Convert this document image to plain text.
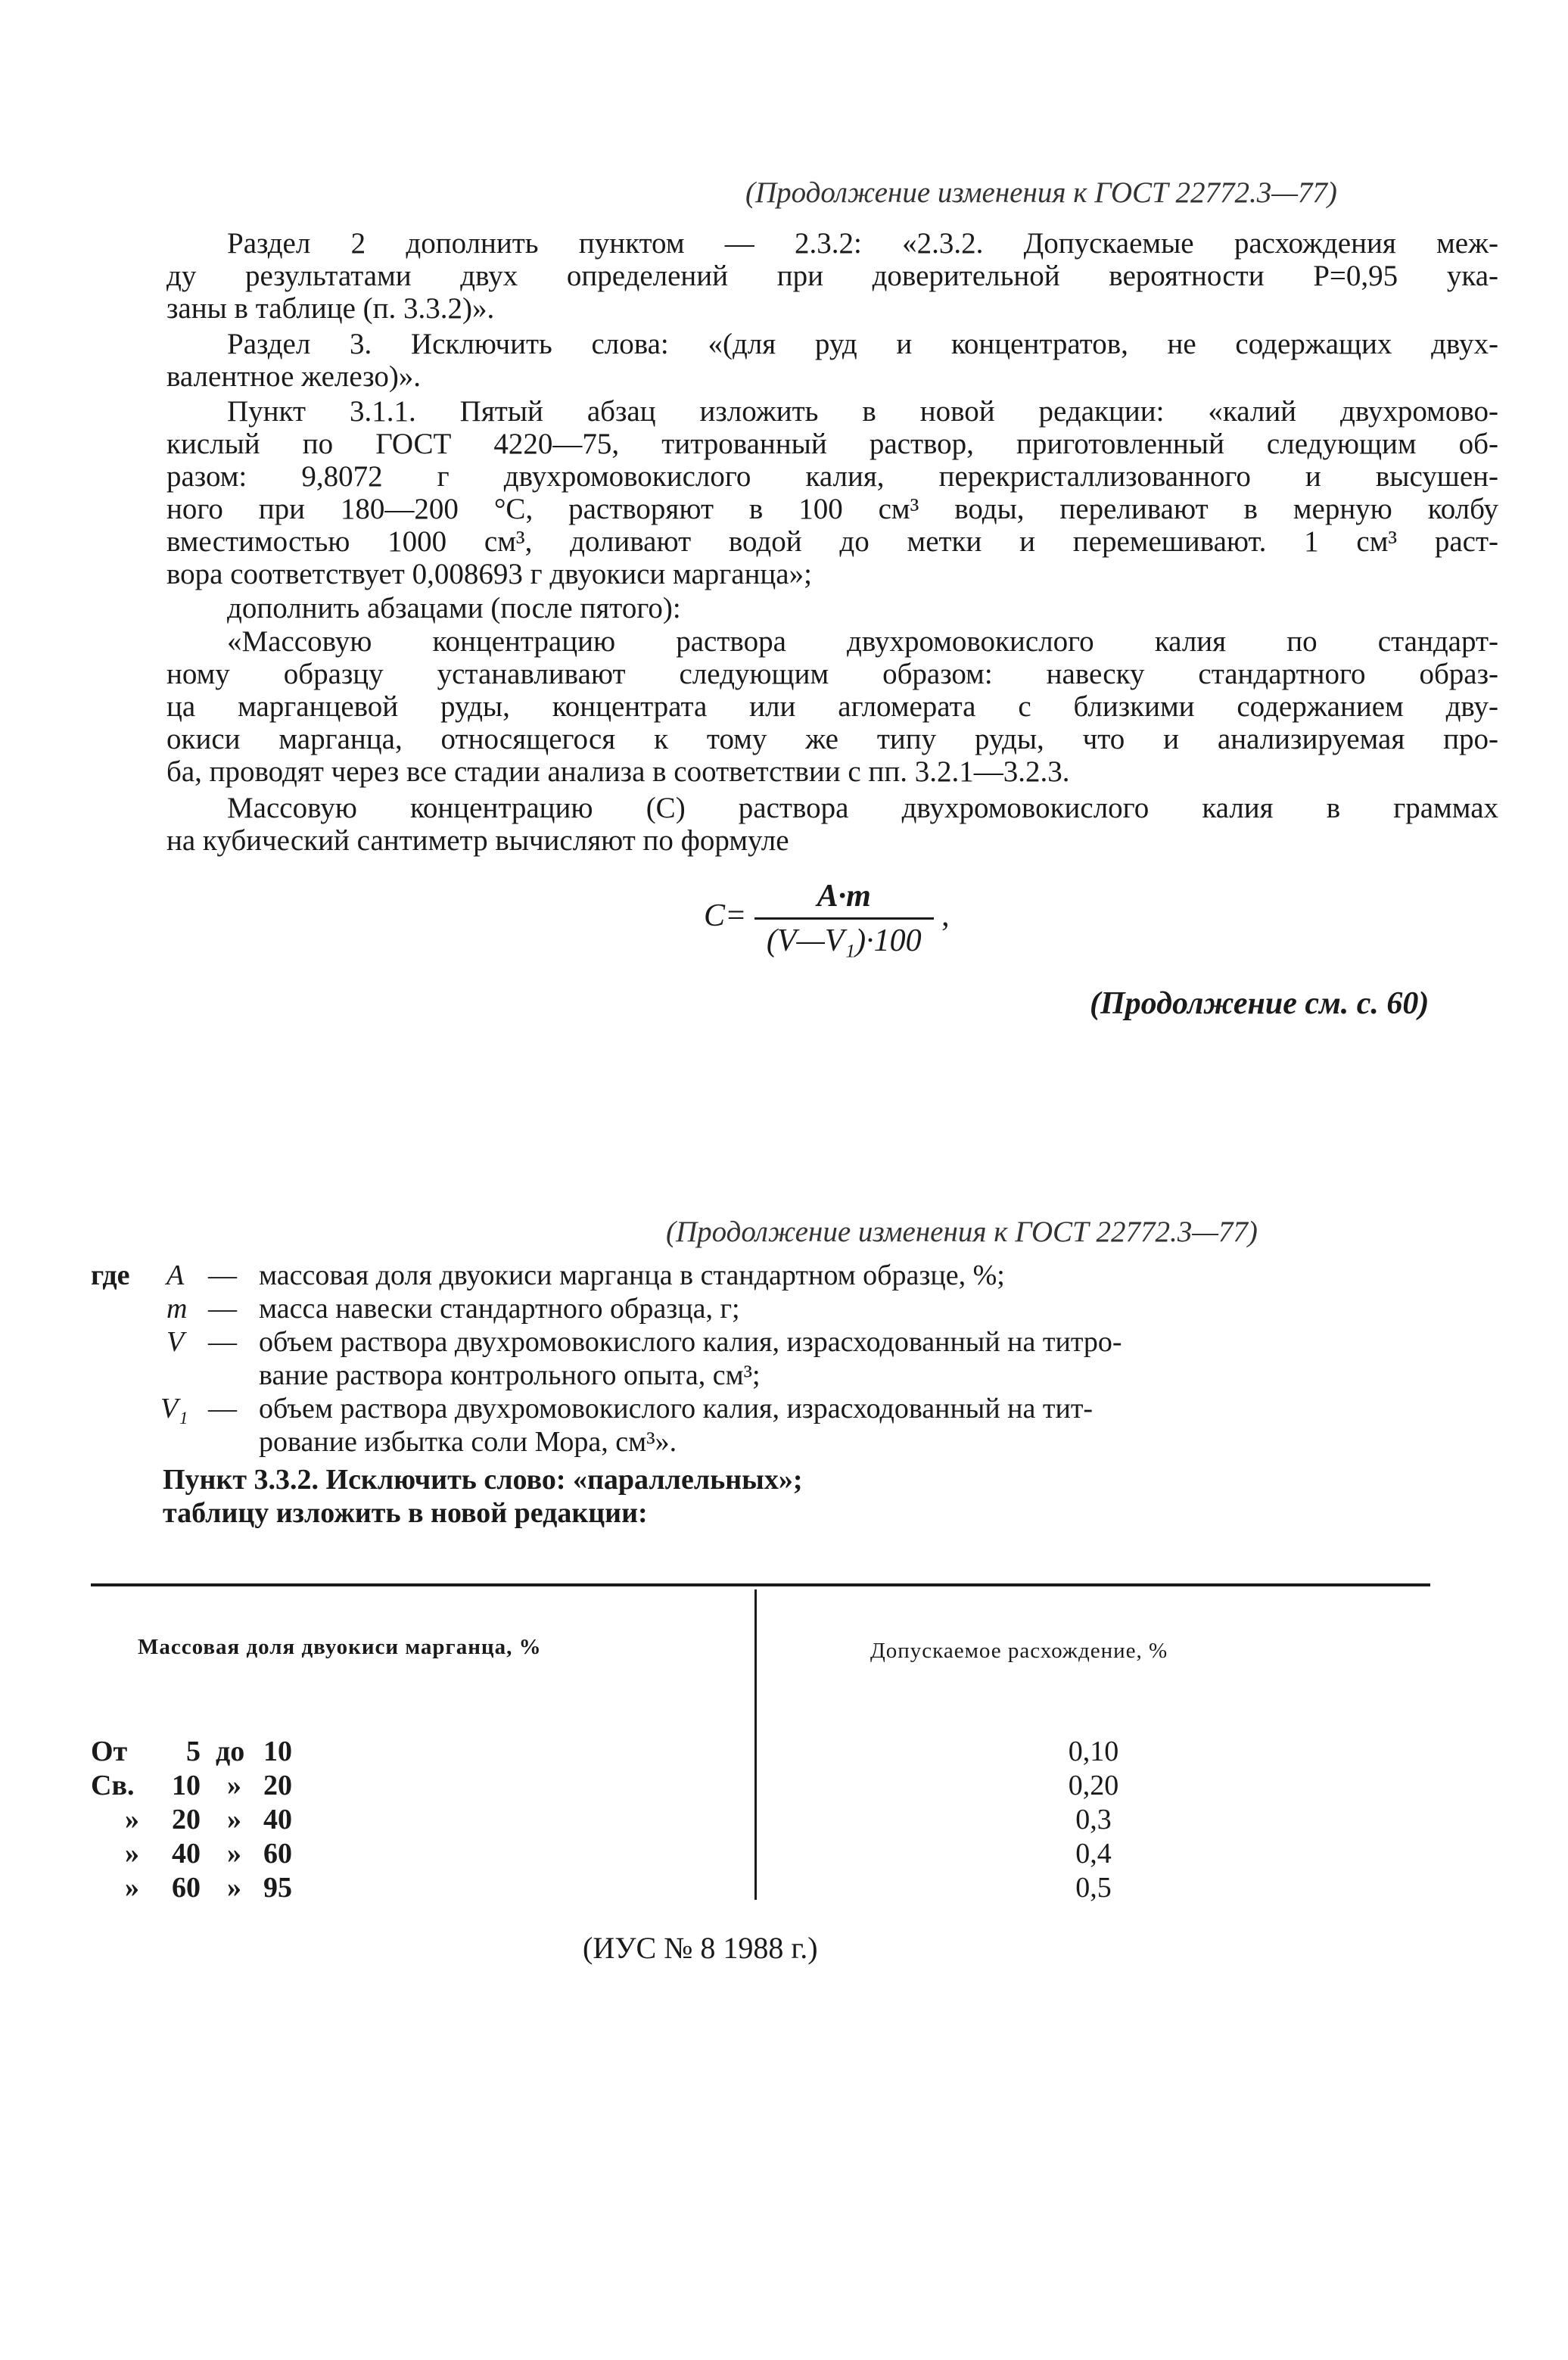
(Продолжение изменения к ГОСТ 22772.3—77)
Раздел 2 дополнить пунктом — 2.3.2: «2.3.2. Допускаемые расхождения меж-
ду результатами двух определений при доверительной вероятности P=0,95 ука-
заны в таблице (п. 3.3.2)».
Раздел 3. Исключить слова: «(для руд и концентратов, не содержащих двух-
валентное железо)».
Пункт 3.1.1. Пятый абзац изложить в новой редакции: «калий двухромово-
кислый по ГОСТ 4220—75, титрованный раствор, приготовленный следующим об-
разом: 9,8072 г двухромовокислого калия, перекристаллизованного и высушен-
ного при 180—200 °С, растворяют в 100 см³ воды, переливают в мерную колбу
вместимостью 1000 см³, доливают водой до метки и перемешивают. 1 см³ раст-
вора соответствует 0,008693 г двуокиси марганца»;
дополнить абзацами (после пятого):
«Массовую концентрацию раствора двухромовокислого калия по стандарт-
ному образцу устанавливают следующим образом: навеску стандартного образ-
ца марганцевой руды, концентрата или агломерата с близкими содержанием дву-
окиси марганца, относящегося к тому же типу руды, что и анализируемая про-
ба, проводят через все стадии анализа в соответствии с пп. 3.2.1—3.2.3.
Массовую концентрацию (С) раствора двухромовокислого калия в граммах
на кубический сантиметр вычисляют по формуле
$C= \frac{A\cdot m}{\text{(V—V₁)·100}}$ ,
(Продолжение см. с. 60)
(Продолжение изменения к ГОСТ 22772.3—77)
где A — массовая доля двуокиси марганца в стандартном образце, %;
m — масса навески стандартного образца, г;
V — объем раствора двухромовокислого калия, израсходованный на титро-
вание раствора контрольного опыта, см³;
V₁ — объем раствора двухромовокислого калия, израсходованный на тит-
рование избытка соли Мора, см³».
Пункт 3.3.2. Исключить слово: «параллельных»;
таблицу изложить в новой редакции:
Массовая доля двуокиси марганца, %	Допускаемое расхождение, %
От	5 до 10	0,10
Св.	10 » 20	0,20
»	20 » 40	0,3
»	40 » 60	0,4
»	60 » 95	0,5
(ИУС № 8 1988 г.)
